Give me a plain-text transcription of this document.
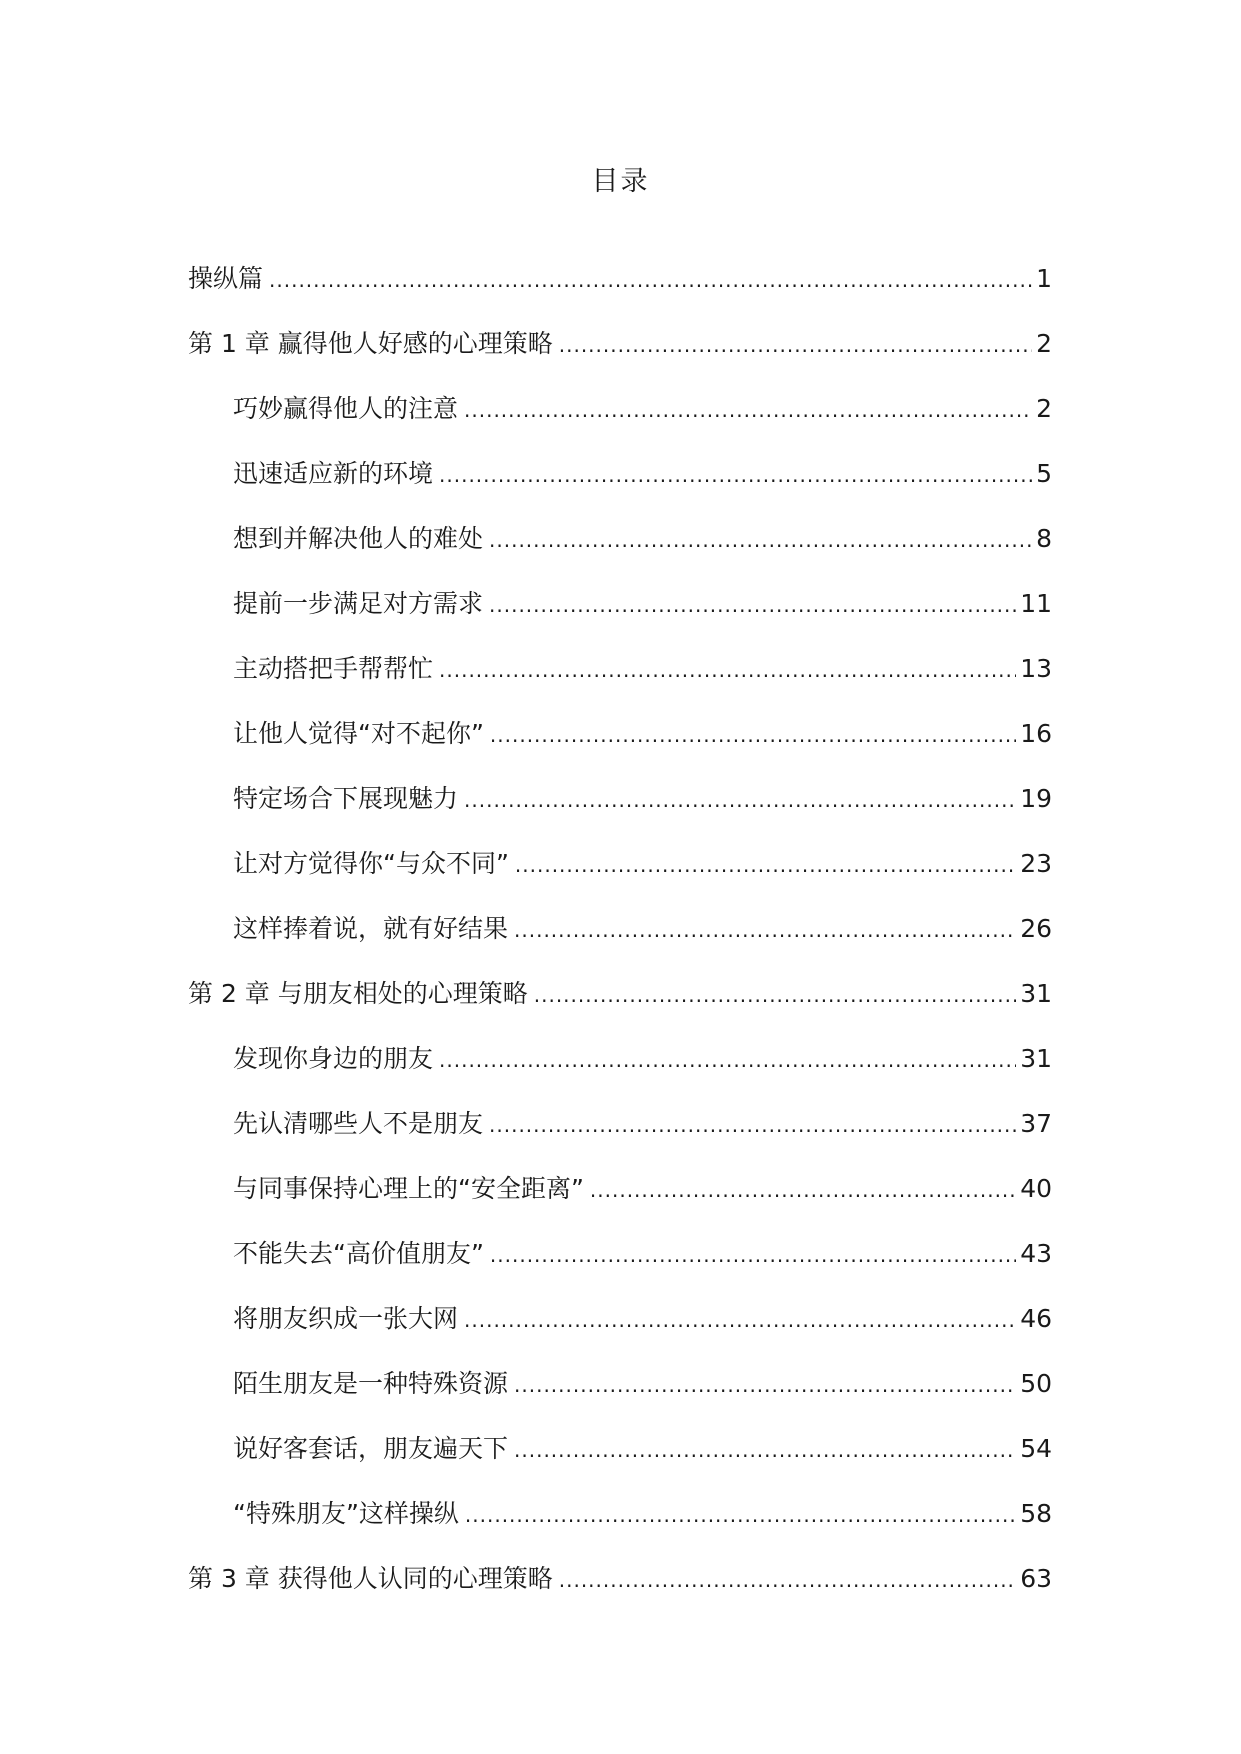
目录
操纵篇 .....	1
第 1 章 赢得他人好感的心理策略 .....	2
巧妙赢得他人的注意 .....	2
迅速适应新的环境 .....	5
想到并解决他人的难处 .....	8
提前一步满足对方需求 .....	11
主动搭把手帮帮忙 .....	13
让他人觉得“对不起你” .....	16
特定场合下展现魅力 .....	19
让对方觉得你“与众不同” .....	23
这样捧着说，就有好结果 .....	26
第 2 章 与朋友相处的心理策略 .....	31
发现你身边的朋友 .....	31
先认清哪些人不是朋友 .....	37
与同事保持心理上的“安全距离” .....	40
不能失去“高价值朋友” .....	43
将朋友织成一张大网 .....	46
陌生朋友是一种特殊资源 .....	50
说好客套话，朋友遍天下 .....	54
“特殊朋友”这样操纵 .....	58
第 3 章 获得他人认同的心理策略 .....	63
